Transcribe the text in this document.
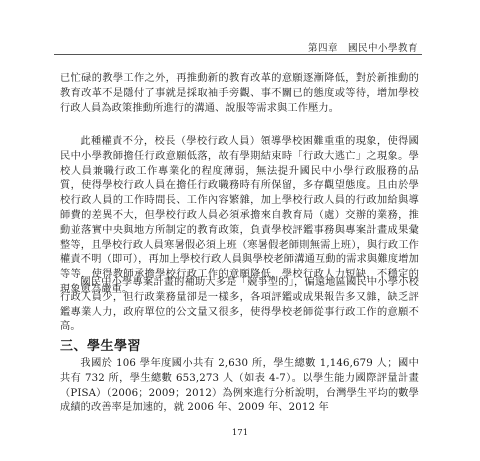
第四章　國民中小學教育

已忙碌的教學工作之外，再推動新的教育改革的意願逐漸降低，對於新推動的教育改革不是隱付了事就是採取袖手旁觀、事不關已的態度或等待，增加學校行政人員為政策推動所進行的溝通、說服等需求與工作壓力。

此種權責不分，校長（學校行政人員）領導學校困難重重的現象，使得國民中小學教師擔任行政意願低落，故有學期結束時「行政大逃亡」之現象。學校人員兼職行政工作專業化的程度薄弱，無法提升國民中小學行政服務的品質，使得學校行政人員在擔任行政職務時有所保留，多存觀望態度。且由於學校行政人員的工作時間長、工作內容繁雜，加上學校行政人員的行政加給與導師費的差異不大，但學校行政人員必須承擔來自教育局（處）交辦的業務，推動並落實中央與地方所制定的教育政策，負責學校評鑑事務與專案計畫成果彙整等，且學校行政人員寒暑假必須上班（寒暑假老師則無需上班），與行政工作權責不明（即可），再加上學校行政人員與學校老師溝通互動的需求與難度增加等等，使得教師承擔學校行政工作的意願降低，學校行政人力短缺，不穩定的現象愈為嚴重。

國民中小學專案計畫的補助大多是「競爭型的」，偏遠地區國民中小學小校行政人員少，但行政業務量卻是一樣多，各項評鑑或成果報告多又雜，缺乏評鑑專業人力，政府單位的公文量又很多，使得學校老師從事行政工作的意願不高。

三、學生學習

我國於 106 學年度國小共有 2,630 所，學生總數 1,146,679 人；國中共有 732 所，學生總數 653,273 人（如表 4-7）。以學生能力國際評量計畫（PISA）（2006；2009；2012）為例來進行分析說明，台灣學生平均的數學成績的改善率是加速的，就 2006 年、2009 年、2012 年

171
